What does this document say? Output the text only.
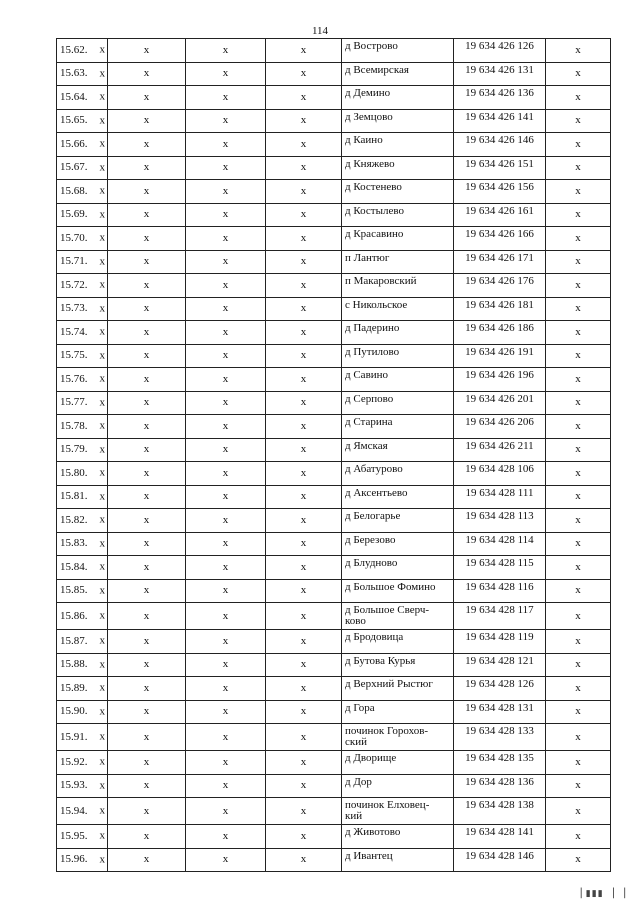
114
15.62. х	х	х	х	д Вострово	19 634 426 126	х
15.63. х	х	х	х	д Всемирская	19 634 426 131	х
15.64. х	х	х	х	д Демино	19 634 426 136	х
15.65. х	х	х	х	д Земцово	19 634 426 141	х
15.66. х	х	х	х	д Каино	19 634 426 146	х
15.67. х	х	х	х	д Княжево	19 634 426 151	х
15.68. х	х	х	х	д Костенево	19 634 426 156	х
15.69. х	х	х	х	д Костылево	19 634 426 161	х
15.70. х	х	х	х	д Красавино	19 634 426 166	х
15.71. х	х	х	х	п Лантюг	19 634 426 171	х
15.72. х	х	х	х	п Макаровский	19 634 426 176	х
15.73. х	х	х	х	с Никольское	19 634 426 181	х
15.74. х	х	х	х	д Падерино	19 634 426 186	х
15.75. х	х	х	х	д Путилово	19 634 426 191	х
15.76. х	х	х	х	д Савино	19 634 426 196	х
15.77. х	х	х	х	д Серпово	19 634 426 201	х
15.78. х	х	х	х	д Старина	19 634 426 206	х
15.79. х	х	х	х	д Ямская	19 634 426 211	х
15.80. х	х	х	х	д Абатурово	19 634 428 106	х
15.81. х	х	х	х	д Аксентьево	19 634 428 111	х
15.82. х	х	х	х	д Белогарье	19 634 428 113	х
15.83. х	х	х	х	д Березово	19 634 428 114	х
15.84. х	х	х	х	д Блудново	19 634 428 115	х
15.85. х	х	х	х	д Большое Фомино	19 634 428 116	х
15.86. х	х	х	х	д Большое Сверч-
ково	19 634 428 117	х
15.87. х	х	х	х	д Бродовица	19 634 428 119	х
15.88. х	х	х	х	д Бутова Курья	19 634 428 121	х
15.89. х	х	х	х	д Верхний Рыстюг	19 634 428 126	х
15.90. х	х	х	х	д Гора	19 634 428 131	х
15.91. х	х	х	х	починок Горохов-
ский	19 634 428 133	х
15.92. х	х	х	х	д Дворище	19 634 428 135	х
15.93. х	х	х	х	д Дор	19 634 428 136	х
15.94. х	х	х	х	починок Елховец-
кий	19 634 428 138	х
15.95. х	х	х	х	д Животово	19 634 428 141	х
15.96. х	х	х	х	д Ивантец	19 634 428 146	х
▕ ▮▮▮ ▕ ▕
